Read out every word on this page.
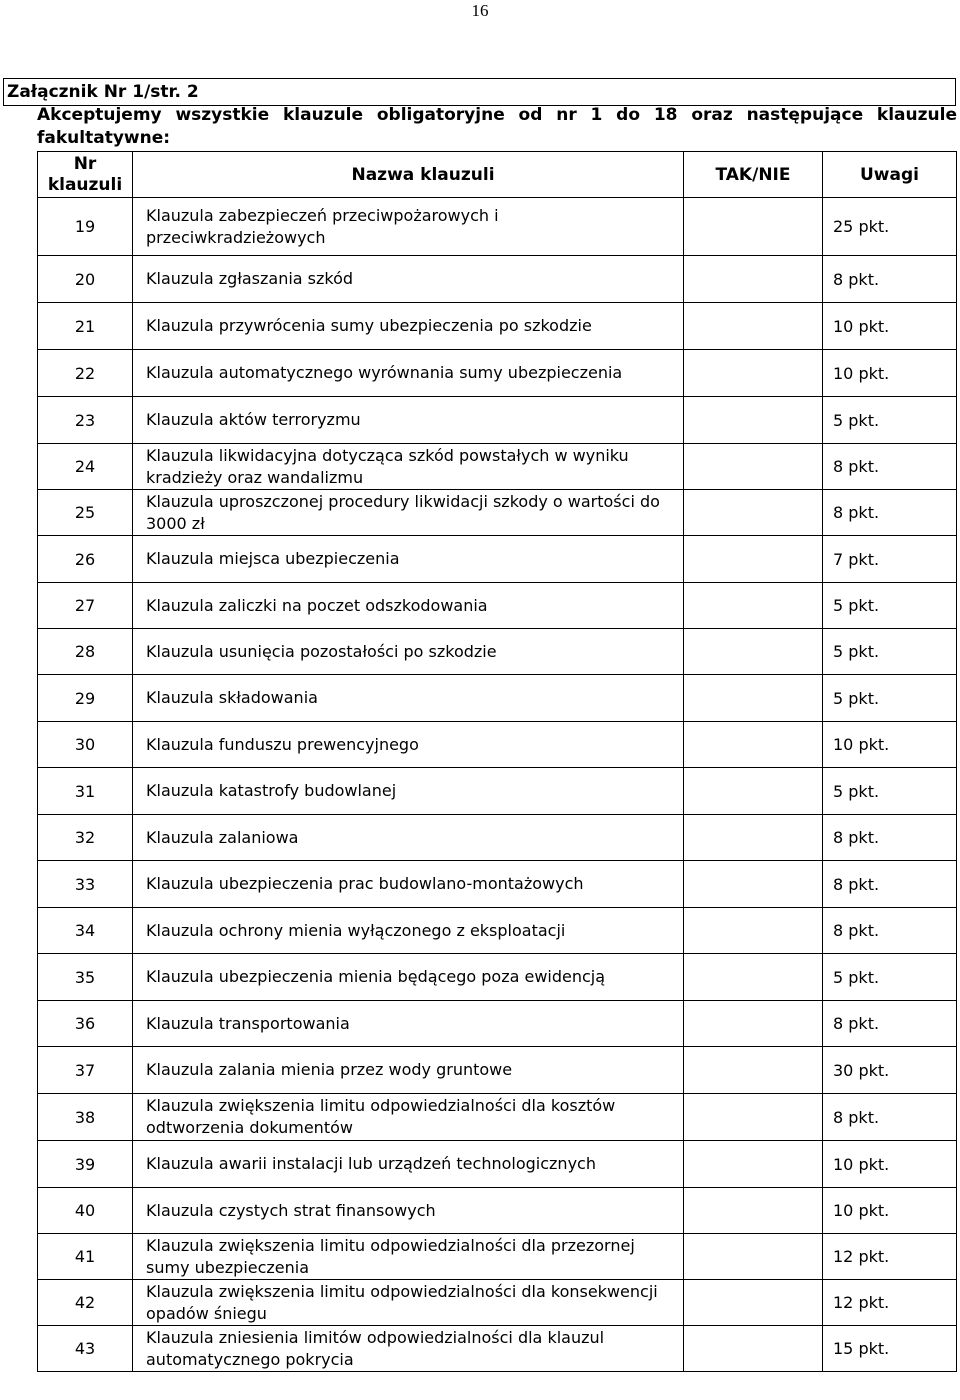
16
Załącznik Nr 1/str. 2
Akceptujemy wszystkie klauzule obligatoryjne od nr 1 do 18 oraz następujące klauzule fakultatywne:
Nr klauzuli	Nazwa klauzuli	TAK/NIE	Uwagi
19	Klauzula zabezpieczeń przeciwpożarowych i przeciwkradzieżowych		25 pkt.
20	Klauzula zgłaszania szkód		8 pkt.
21	Klauzula przywrócenia sumy ubezpieczenia po szkodzie		10 pkt.
22	Klauzula automatycznego wyrównania sumy ubezpieczenia		10 pkt.
23	Klauzula aktów terroryzmu		5 pkt.
24	Klauzula likwidacyjna dotycząca szkód powstałych w wyniku kradzieży oraz wandalizmu		8 pkt.
25	Klauzula uproszczonej procedury likwidacji szkody o wartości do 3000 zł		8 pkt.
26	Klauzula miejsca ubezpieczenia		7 pkt.
27	Klauzula zaliczki na poczet odszkodowania		5 pkt.
28	Klauzula usunięcia pozostałości po szkodzie		5 pkt.
29	Klauzula składowania		5 pkt.
30	Klauzula funduszu prewencyjnego		10 pkt.
31	Klauzula katastrofy budowlanej		5 pkt.
32	Klauzula zalaniowa		8 pkt.
33	Klauzula ubezpieczenia prac budowlano-montażowych		8 pkt.
34	Klauzula ochrony mienia wyłączonego z eksploatacji		8 pkt.
35	Klauzula ubezpieczenia mienia będącego poza ewidencją		5 pkt.
36	Klauzula transportowania		8 pkt.
37	Klauzula zalania mienia przez wody gruntowe		30 pkt.
38	Klauzula zwiększenia limitu odpowiedzialności dla kosztów odtworzenia dokumentów		8 pkt.
39	Klauzula awarii instalacji lub urządzeń technologicznych		10 pkt.
40	Klauzula czystych strat finansowych		10 pkt.
41	Klauzula zwiększenia limitu odpowiedzialności dla przezornej sumy ubezpieczenia		12 pkt.
42	Klauzula zwiększenia limitu odpowiedzialności dla konsekwencji opadów śniegu		12 pkt.
43	Klauzula zniesienia limitów odpowiedzialności dla klauzul automatycznego pokrycia		15 pkt.
